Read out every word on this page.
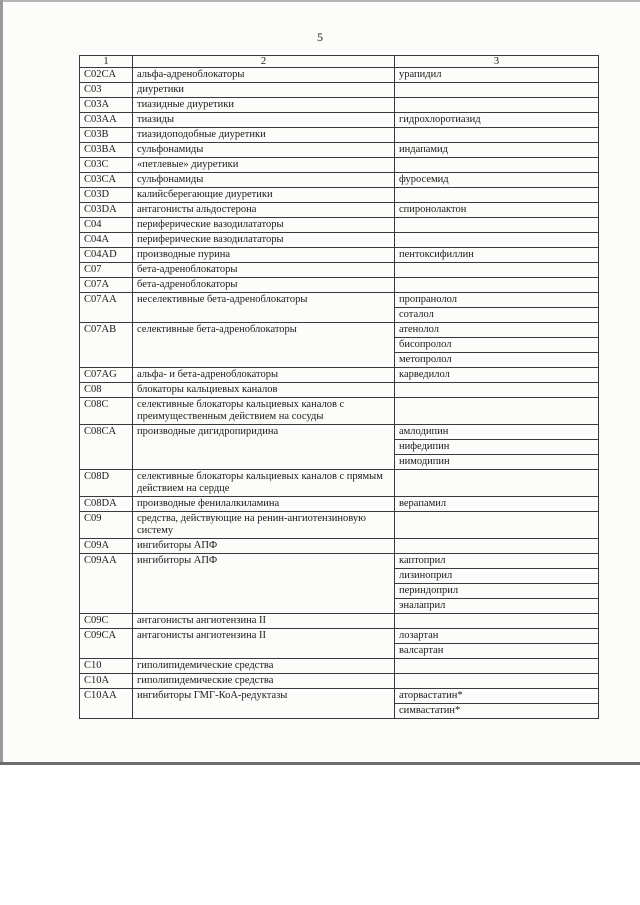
5
1	2	3
C02CA	альфа-адреноблокаторы	урапидил
C03	диуретики	
C03A	тиазидные диуретики	
C03AA	тиазиды	гидрохлоротиазид
C03B	тиазидоподобные диуретики	
C03BA	сульфонамиды	индапамид
C03C	«петлевые» диуретики	
C03CA	сульфонамиды	фуросемид
C03D	калийсберегающие диуретики	
C03DA	антагонисты альдостерона	спиронолактон
C04	периферические вазодилататоры	
C04A	периферические вазодилататоры	
C04AD	производные пурина	пентоксифиллин
C07	бета-адреноблокаторы	
C07A	бета-адреноблокаторы	
C07AA	неселективные бета-адреноблокаторы	пропранолол
		соталол
C07AB	селективные бета-адреноблокаторы	атенолол
		бисопролол
		метопролол
C07AG	альфа- и бета-адреноблокаторы	карведилол
C08	блокаторы кальциевых каналов	
C08C	селективные блокаторы кальциевых каналов с преимущественным действием на сосуды	
C08CA	производные дигидропиридина	амлодипин
		нифедипин
		нимодипин
C08D	селективные блокаторы кальциевых каналов с прямым действием на сердце	
C08DA	производные фенилалкиламина	верапамил
C09	средства, действующие на ренин-ангиотензиновую систему	
C09A	ингибиторы АПФ	
C09AA	ингибиторы АПФ	каптоприл
		лизиноприл
		периндоприл
		эналаприл
C09C	антагонисты ангиотензина II	
C09CA	антагонисты ангиотензина II	лозартан
		валсартан
C10	гиполипидемические средства	
C10A	гиполипидемические средства	
C10AA	ингибиторы ГМГ-КоА-редуктазы	аторвастатин*
		симвастатин*
